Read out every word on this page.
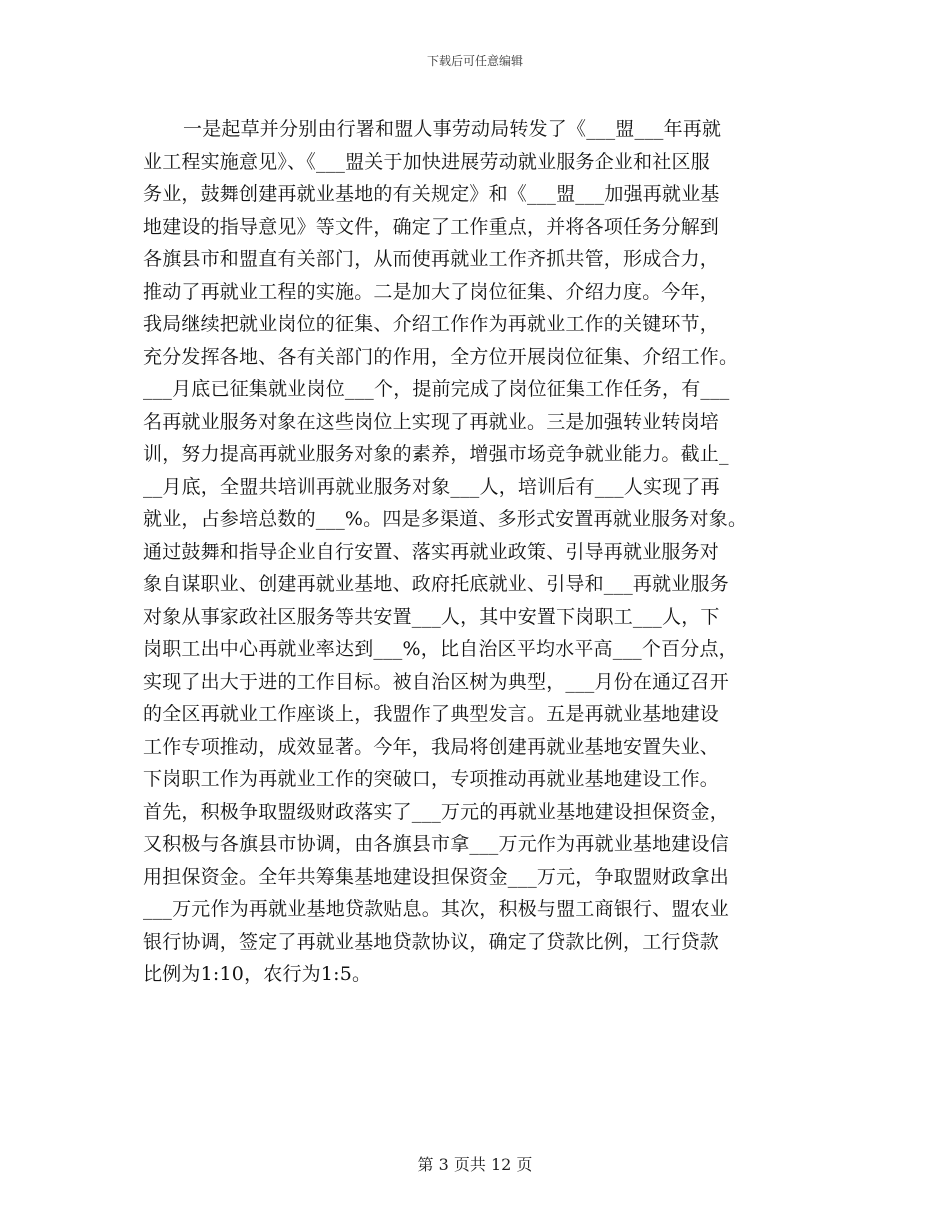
下载后可任意编辑
一是起草并分别由行署和盟人事劳动局转发了《___盟___年再就
业工程实施意见》、《___盟关于加快进展劳动就业服务企业和社区服
务业，鼓舞创建再就业基地的有关规定》和《___盟___加强再就业基
地建设的指导意见》等文件，确定了工作重点，并将各项任务分解到
各旗县市和盟直有关部门，从而使再就业工作齐抓共管，形成合力，
推动了再就业工程的实施。二是加大了岗位征集、介绍力度。今年，
我局继续把就业岗位的征集、介绍工作作为再就业工作的关键环节，
充分发挥各地、各有关部门的作用，全方位开展岗位征集、介绍工作。
___月底已征集就业岗位___个，提前完成了岗位征集工作任务，有___
名再就业服务对象在这些岗位上实现了再就业。三是加强转业转岗培
训，努力提高再就业服务对象的素养，增强市场竞争就业能力。截止_
__月底，全盟共培训再就业服务对象___人，培训后有___人实现了再
就业，占参培总数的___%。四是多渠道、多形式安置再就业服务对象。
通过鼓舞和指导企业自行安置、落实再就业政策、引导再就业服务对
象自谋职业、创建再就业基地、政府托底就业、引导和___再就业服务
对象从事家政社区服务等共安置___人，其中安置下岗职工___人，下
岗职工出中心再就业率达到___%，比自治区平均水平高___个百分点，
实现了出大于进的工作目标。被自治区树为典型，___月份在通辽召开
的全区再就业工作座谈上，我盟作了典型发言。五是再就业基地建设
工作专项推动，成效显著。今年，我局将创建再就业基地安置失业、
下岗职工作为再就业工作的突破口，专项推动再就业基地建设工作。
首先，积极争取盟级财政落实了___万元的再就业基地建设担保资金，
又积极与各旗县市协调，由各旗县市拿___万元作为再就业基地建设信
用担保资金。全年共筹集基地建设担保资金___万元，争取盟财政拿出
___万元作为再就业基地贷款贴息。其次，积极与盟工商银行、盟农业
银行协调，签定了再就业基地贷款协议，确定了贷款比例，工行贷款
比例为1:10，农行为1:5。
第 3 页共 12 页
